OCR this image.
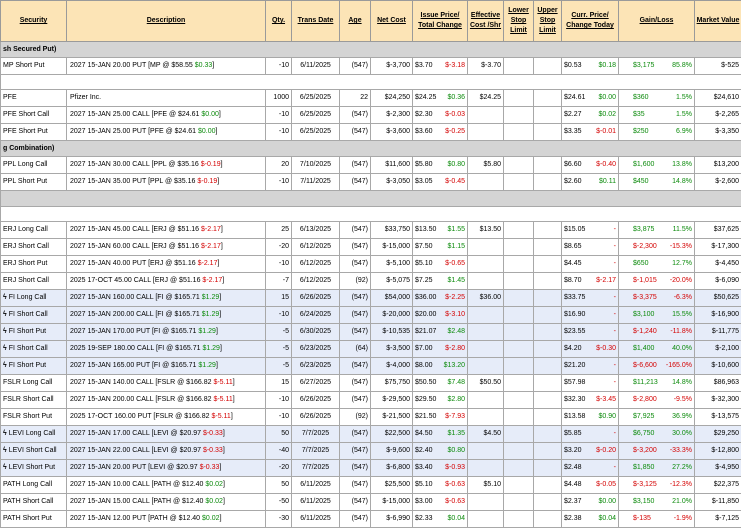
Security	Description	Qty.	Trans Date	Age	Net Cost	Issue Price/ Total Change	Effective Cost /Shr	Lower Stop Limit	Upper Stop Limit	Curr. Price/ Change Today	Gain/Loss	Market Value
sh Secured Put)												
MP Short Put	2027 15-JAN 20.00 PUT [MP @ $58.55 $0.33]	-10	6/11/2025	(547)	$-3,700	$3.70 $-3.18	$-3.70			$0.53 $0.18	$3,175 85.8%	$-525

PFE	Pfizer Inc.	1000	6/25/2025	22	$24,250	$24.25 $0.36	$24.25			$24.61 $0.00	$360 1.5%	$24,610
PFE Short Call	2027 15-JAN 25.00 CALL [PFE @ $24.61 $0.00]	-10	6/25/2025	(547)	$-2,300	$2.30 $-0.03				$2.27 $0.02	$35 1.5%	$-2,265
PFE Short Put	2027 15-JAN 25.00 PUT [PFE @ $24.61 $0.00]	-10	6/25/2025	(547)	$-3,600	$3.60 $-0.25				$3.35 $-0.01	$250 6.9%	$-3,350
g Combination)												
PPL Long Call	2027 15-JAN 30.00 CALL [PPL @ $35.16 $-0.19]	20	7/10/2025	(547)	$11,600	$5.80 $0.80	$5.80			$6.60 $-0.40	$1,600 13.8%	$13,200
PPL Short Put	2027 15-JAN 35.00 PUT [PPL @ $35.16 $-0.19]	-10	7/11/2025	(547)	$-3,050	$3.05 $-0.45				$2.60 $0.11	$450 14.8%	$-2,600

ERJ Long Call	2027 15-JAN 45.00 CALL [ERJ @ $51.16 $-2.17]	25	6/13/2025	(547)	$33,750	$13.50 $1.55	$13.50			$15.05 -	$3,875 11.5%	$37,625
ERJ Short Call	2027 15-JAN 60.00 CALL [ERJ @ $51.16 $-2.17]	-20	6/12/2025	(547)	$-15,000	$7.50 $1.15				$8.65 -	$-2,300 -15.3%	$-17,300
ERJ Short Put	2027 15-JAN 40.00 PUT [ERJ @ $51.16 $-2.17]	-10	6/12/2025	(547)	$-5,100	$5.10 $-0.65				$4.45 -	$650 12.7%	$-4,450
ERJ Short Call	2025 17-OCT 45.00 CALL [ERJ @ $51.16 $-2.17]	-7	6/12/2025	(92)	$-5,075	$7.25 $1.45				$8.70 $-2.17	$-1,015 -20.0%	$-6,090
ϟ FI Long Call	2027 15-JAN 160.00 CALL [FI @ $165.71 $1.29]	15	6/26/2025	(547)	$54,000	$36.00 $-2.25	$36.00			$33.75 -	$-3,375 -6.3%	$50,625
ϟ FI Short Call	2027 15-JAN 200.00 CALL [FI @ $165.71 $1.29]	-10	6/24/2025	(547)	$-20,000	$20.00 $-3.10				$16.90 -	$3,100 15.5%	$-16,900
ϟ FI Short Put	2027 15-JAN 170.00 PUT [FI @ $165.71 $1.29]	-5	6/30/2025	(547)	$-10,535	$21.07 $2.48				$23.55 -	$-1,240 -11.8%	$-11,775
ϟ FI Short Call	2025 19-SEP 180.00 CALL [FI @ $165.71 $1.29]	-5	6/23/2025	(64)	$-3,500	$7.00 $-2.80				$4.20 $-0.30	$1,400 40.0%	$-2,100
ϟ FI Short Put	2027 15-JAN 165.00 PUT [FI @ $165.71 $1.29]	-5	6/23/2025	(547)	$-4,000	$8.00 $13.20				$21.20 -	$-6,600 -165.0%	$-10,600
FSLR Long Call	2027 15-JAN 140.00 CALL [FSLR @ $166.82 $-5.11]	15	6/27/2025	(547)	$75,750	$50.50 $7.48	$50.50			$57.98 -	$11,213 14.8%	$86,963
FSLR Short Call	2027 15-JAN 200.00 CALL [FSLR @ $166.82 $-5.11]	-10	6/26/2025	(547)	$-29,500	$29.50 $2.80				$32.30 $-3.45	$-2,800 -9.5%	$-32,300
FSLR Short Put	2025 17-OCT 160.00 PUT [FSLR @ $166.82 $-5.11]	-10	6/26/2025	(92)	$-21,500	$21.50 $-7.93				$13.58 $0.90	$7,925 36.9%	$-13,575
ϟ LEVI Long Call	2027 15-JAN 17.00 CALL [LEVI @ $20.97 $-0.33]	50	7/7/2025	(547)	$22,500	$4.50 $1.35	$4.50			$5.85 -	$6,750 30.0%	$29,250
ϟ LEVI Short Call	2027 15-JAN 22.00 CALL [LEVI @ $20.97 $-0.33]	-40	7/7/2025	(547)	$-9,600	$2.40 $0.80				$3.20 $-0.20	$-3,200 -33.3%	$-12,800
ϟ LEVI Short Put	2027 15-JAN 20.00 PUT [LEVI @ $20.97 $-0.33]	-20	7/7/2025	(547)	$-6,800	$3.40 $-0.93				$2.48 -	$1,850 27.2%	$-4,950
PATH Long Call	2027 15-JAN 10.00 CALL [PATH @ $12.40 $0.02]	50	6/11/2025	(547)	$25,500	$5.10 $-0.63	$5.10			$4.48 $-0.05	$-3,125 -12.3%	$22,375
PATH Short Call	2027 15-JAN 15.00 CALL [PATH @ $12.40 $0.02]	-50	6/11/2025	(547)	$-15,000	$3.00 $-0.63				$2.37 $0.00	$3,150 21.0%	$-11,850
PATH Short Put	2027 15-JAN 12.00 PUT [PATH @ $12.40 $0.02]	-30	6/11/2025	(547)	$-6,990	$2.33 $0.04				$2.38 $0.04	$-135 -1.9%	$-7,125
